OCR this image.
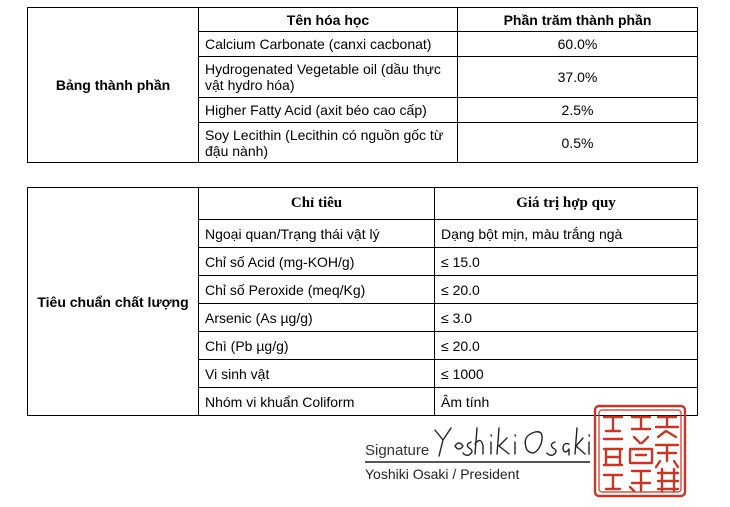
Bảng thành phần	Tên hóa học	Phần trăm thành phần
	Calcium Carbonate (canxi cacbonat)	60.0%
	Hydrogenated Vegetable oil (dầu thực vật hydro hóa)	37.0%
	Higher Fatty Acid (axit béo cao cấp)	2.5%
	Soy Lecithin (Lecithin có nguồn gốc từ đậu nành)	0.5%
Tiêu chuẩn chất lượng	Chỉ tiêu	Giá trị hợp quy
	Ngoại quan/Trạng thái vật lý	Dạng bột mịn, màu trắng ngà
	Chỉ số Acid (mg-KOH/g)	≤ 15.0
	Chỉ số Peroxide (meq/Kg)	≤ 20.0
	Arsenic (As µg/g)	≤ 3.0
	Chì (Pb µg/g)	≤ 20.0
	Vi sinh vật	≤ 1000
	Nhóm vi khuẩn Coliform	Âm tính
Signature
Yoshiki Osaki / President
